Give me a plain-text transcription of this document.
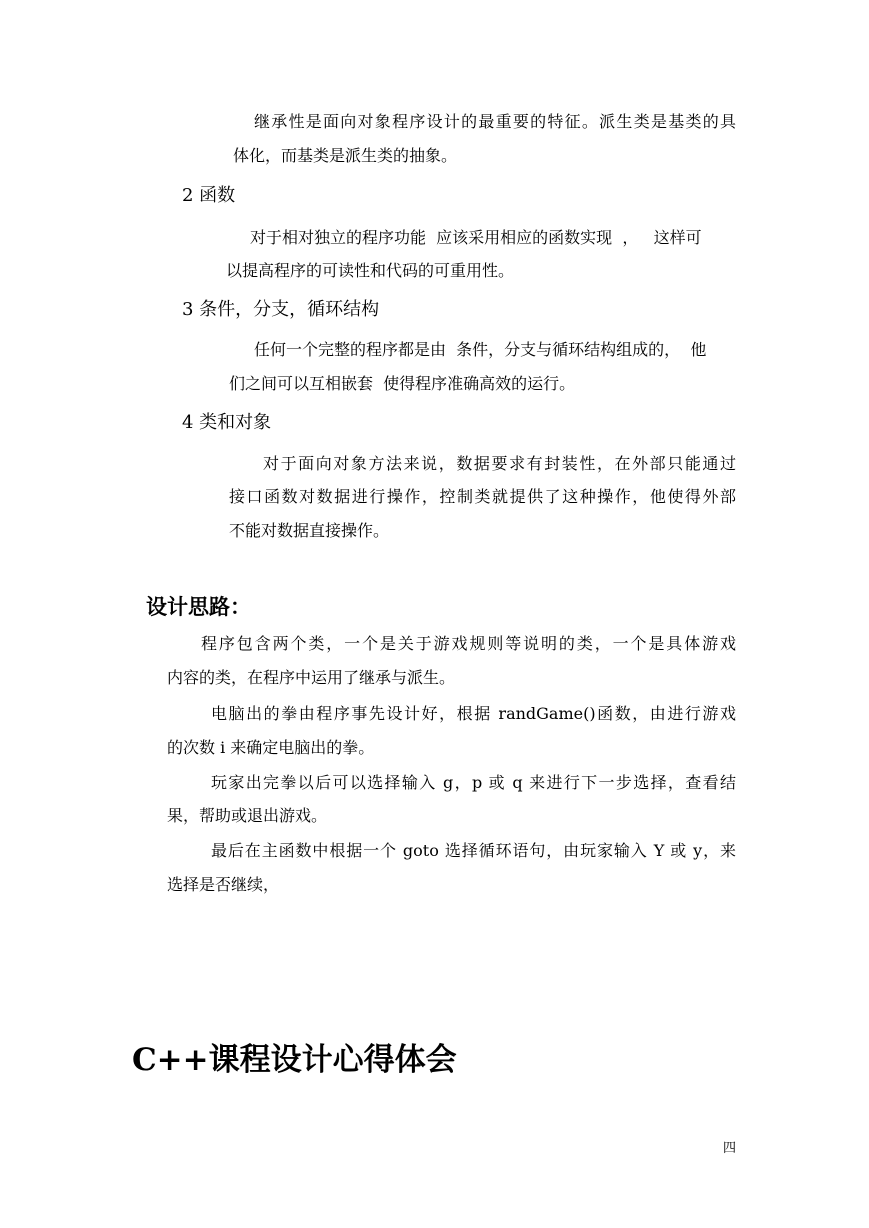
继承性是面向对象程序设计的最重要的特征。派生类是基类的具
体化，而基类是派生类的抽象。
2 函数
对于相对独立的程序功能  应该采用相应的函数实现  ，   这样可
以提高程序的可读性和代码的可重用性。
3 条件，分支，循环结构
任何一个完整的程序都是由  条件，分支与循环结构组成的，  他
们之间可以互相嵌套  使得程序准确高效的运行。
4 类和对象
对于面向对象方法来说，数据要求有封装性，在外部只能通过
接口函数对数据进行操作，控制类就提供了这种操作，他使得外部
不能对数据直接操作。
设计思路：
程序包含两个类，一个是关于游戏规则等说明的类，一个是具体游戏
内容的类，在程序中运用了继承与派生。
电脑出的拳由程序事先设计好，根据 randGame()函数，由进行游戏
的次数 i 来确定电脑出的拳。
玩家出完拳以后可以选择输入 g，p 或 q 来进行下一步选择，查看结
果，帮助或退出游戏。
最后在主函数中根据一个 goto 选择循环语句，由玩家输入 Y 或 y，来
选择是否继续，
C++课程设计心得体会
四
